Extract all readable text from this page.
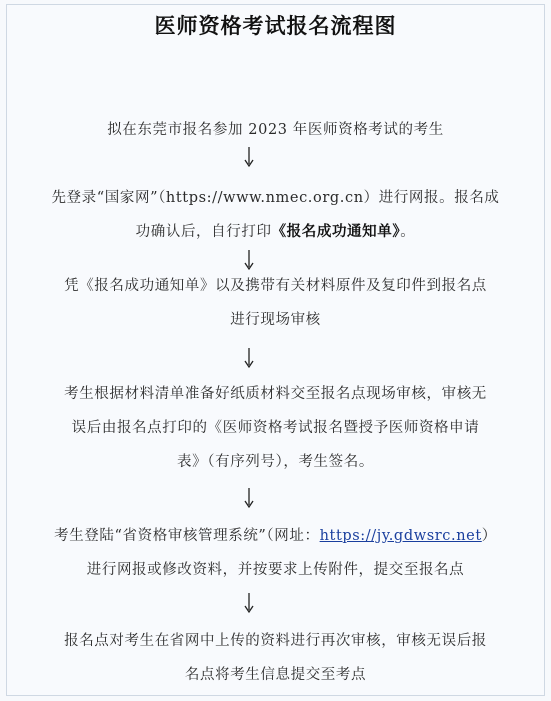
医师资格考试报名流程图
拟在东莞市报名参加 2023 年医师资格考试的考生
先登录“国家网”（https://www.nmec.org.cn）进行网报。报名成
功确认后，自行打印《报名成功通知单》。
凭《报名成功通知单》以及携带有关材料原件及复印件到报名点
进行现场审核
考生根据材料清单准备好纸质材料交至报名点现场审核，审核无
误后由报名点打印的《医师资格考试报名暨授予医师资格申请
表》（有序列号），考生签名。
考生登陆“省资格审核管理系统”（网址：https://jy.gdwsrc.net）
进行网报或修改资料，并按要求上传附件，提交至报名点
报名点对考生在省网中上传的资料进行再次审核，审核无误后报
名点将考生信息提交至考点
